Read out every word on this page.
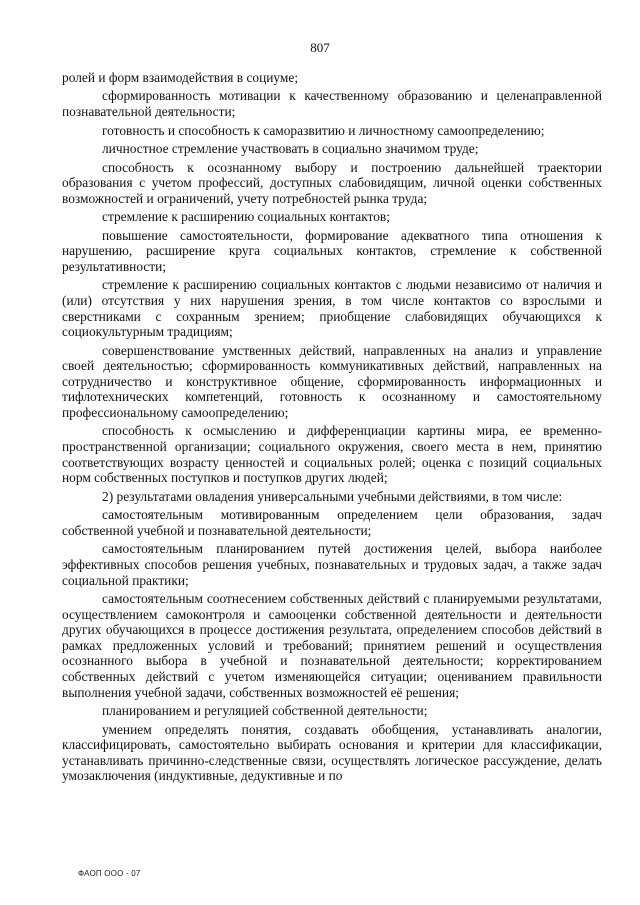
807

ролей и форм взаимодействия в социуме;

сформированность мотивации к качественному образованию и целенаправленной познавательной деятельности;

готовность и способность к саморазвитию и личностному самоопределению;

личностное стремление участвовать в социально значимом труде;

способность к осознанному выбору и построению дальнейшей траектории образования с учетом профессий, доступных слабовидящим, личной оценки собственных возможностей и ограничений, учету потребностей рынка труда;

стремление к расширению социальных контактов;

повышение самостоятельности, формирование адекватного типа отношения к нарушению, расширение круга социальных контактов, стремление к собственной результативности;

стремление к расширению социальных контактов с людьми независимо от наличия и (или) отсутствия у них нарушения зрения, в том числе контактов со взрослыми и сверстниками с сохранным зрением; приобщение слабовидящих обучающихся к социокультурным традициям;

совершенствование умственных действий, направленных на анализ и управление своей деятельностью; сформированность коммуникативных действий, направленных на сотрудничество и конструктивное общение, сформированность информационных и тифлотехнических компетенций, готовность к осознанному и самостоятельному профессиональному самоопределению;

способность к осмыслению и дифференциации картины мира, ее временно-пространственной организации; социального окружения, своего места в нем, принятию соответствующих возрасту ценностей и социальных ролей; оценка с позиций социальных норм собственных поступков и поступков других людей;

2) результатами овладения универсальными учебными действиями, в том числе:

самостоятельным мотивированным определением цели образования, задач собственной учебной и познавательной деятельности;

самостоятельным планированием путей достижения целей, выбора наиболее эффективных способов решения учебных, познавательных и трудовых задач, а также задач социальной практики;

самостоятельным соотнесением собственных действий с планируемыми результатами, осуществлением самоконтроля и самооценки собственной деятельности и деятельности других обучающихся в процессе достижения результата, определением способов действий в рамках предложенных условий и требований; принятием решений и осуществления осознанного выбора в учебной и познавательной деятельности; корректированием собственных действий с учетом изменяющейся ситуации; оцениванием правильности выполнения учебной задачи, собственных возможностей её решения;

планированием и регуляцией собственной деятельности;

умением определять понятия, создавать обобщения, устанавливать аналогии, классифицировать, самостоятельно выбирать основания и критерии для классификации, устанавливать причинно-следственные связи, осуществлять логическое рассуждение, делать умозаключения (индуктивные, дедуктивные и по

ФАОП ООО - 07
